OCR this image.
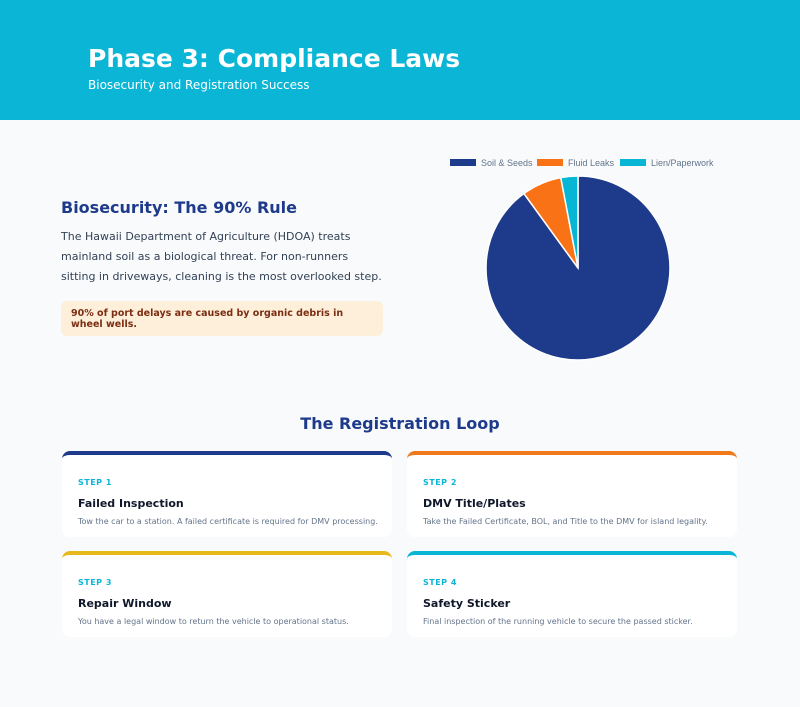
Phase 3: Compliance Laws

Biosecurity and Registration Success

Biosecurity: The 90% Rule

The Hawaii Department of Agriculture (HDOA) treats mainland soil as a biological threat. For non-runners sitting in driveways, cleaning is the most overlooked step.

90% of port delays are caused by organic debris in wheel wells.
Soil & Seeds	Fluid Leaks	Lien/Paperwork
The Registration Loop
STEP 1
Failed Inspection
Tow the car to a station. A failed certificate is required for DMV processing.
STEP 2
DMV Title/Plates
Take the Failed Certificate, BOL, and Title to the DMV for island legality.
STEP 3
Repair Window
You have a legal window to return the vehicle to operational status.
STEP 4
Safety Sticker
Final inspection of the running vehicle to secure the passed sticker.
